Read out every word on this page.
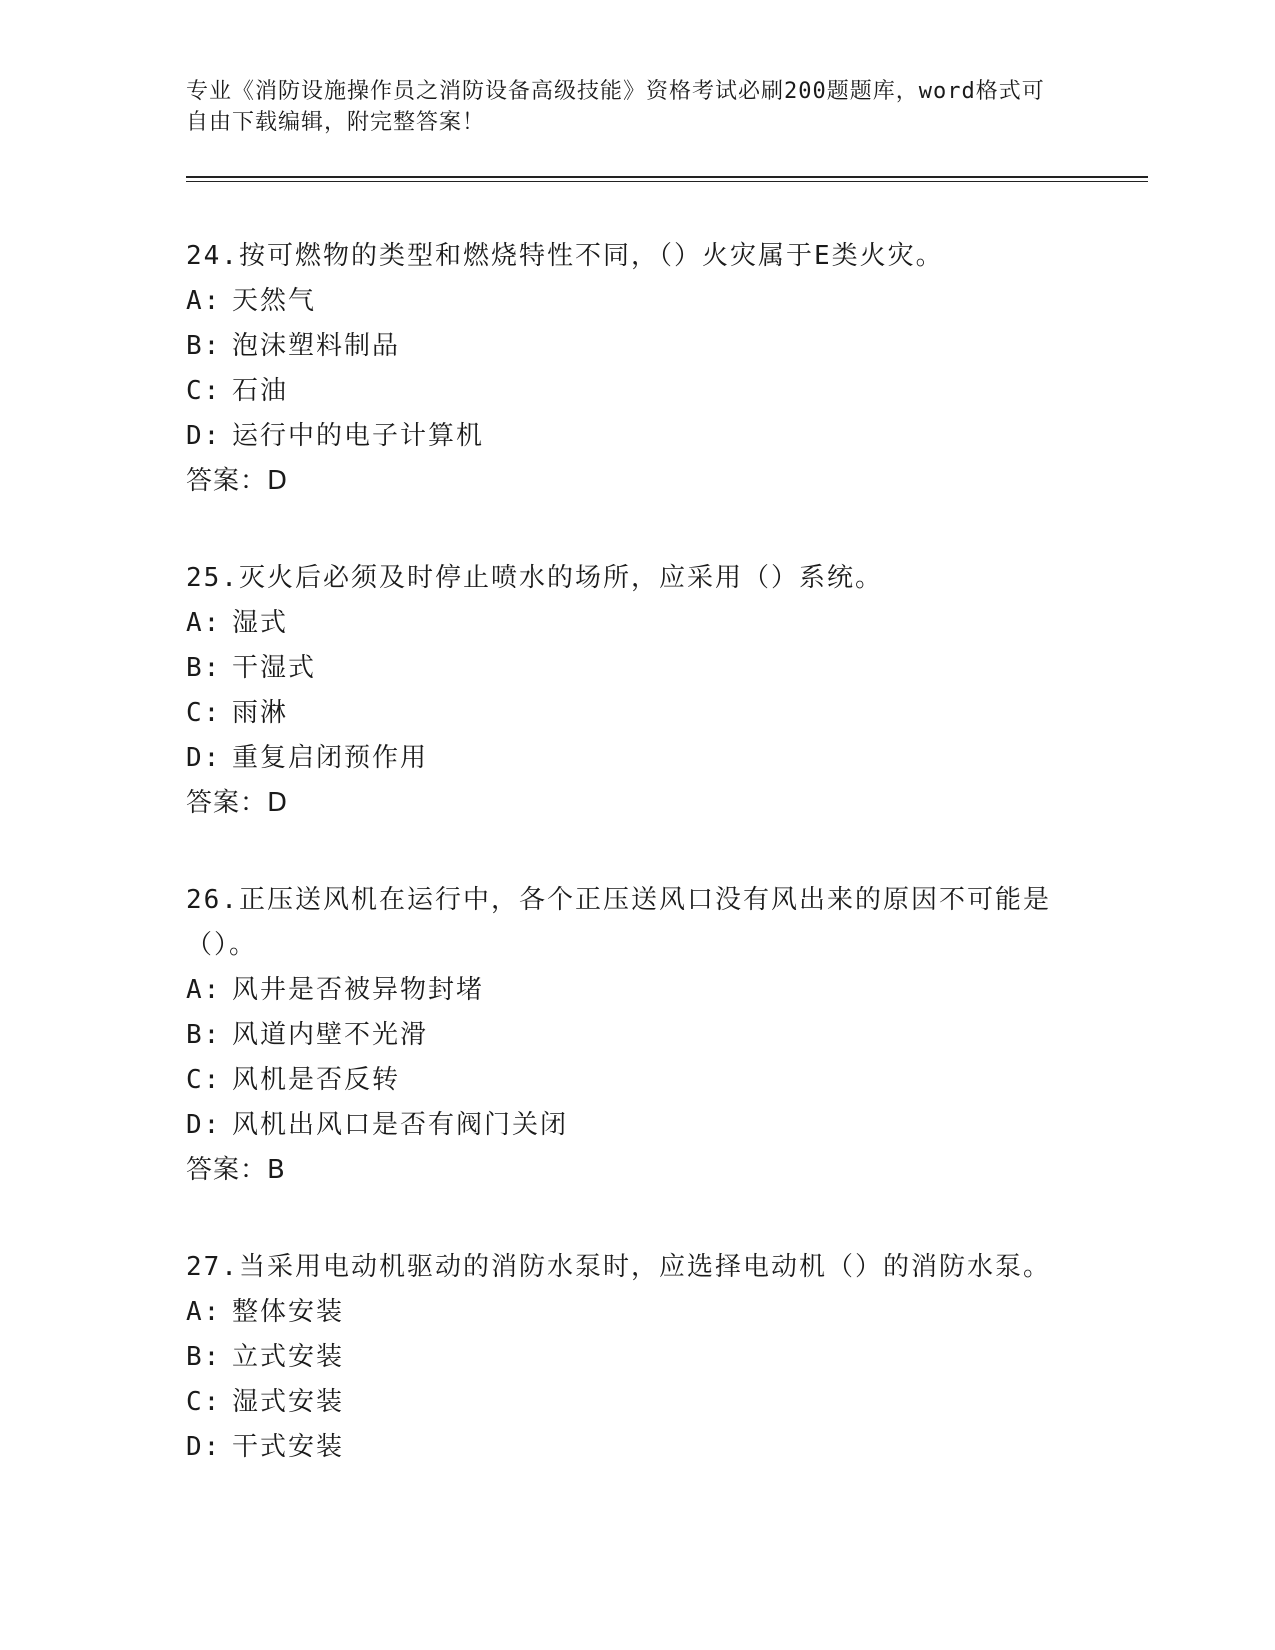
专业《消防设施操作员之消防设备高级技能》资格考试必刷200题题库，word格式可自由下载编辑，附完整答案！
24.按可燃物的类型和燃烧特性不同，（）火灾属于E类火灾。
A: 天然气
B: 泡沫塑料制品
C: 石油
D: 运行中的电子计算机
答案：D
25.灭火后必须及时停止喷水的场所，应采用（）系统。
A: 湿式
B: 干湿式
C: 雨淋
D: 重复启闭预作用
答案：D
26.正压送风机在运行中，各个正压送风口没有风出来的原因不可能是（）。
A: 风井是否被异物封堵
B: 风道内壁不光滑
C: 风机是否反转
D: 风机出风口是否有阀门关闭
答案：B
27.当采用电动机驱动的消防水泵时，应选择电动机（）的消防水泵。
A: 整体安装
B: 立式安装
C: 湿式安装
D: 干式安装
